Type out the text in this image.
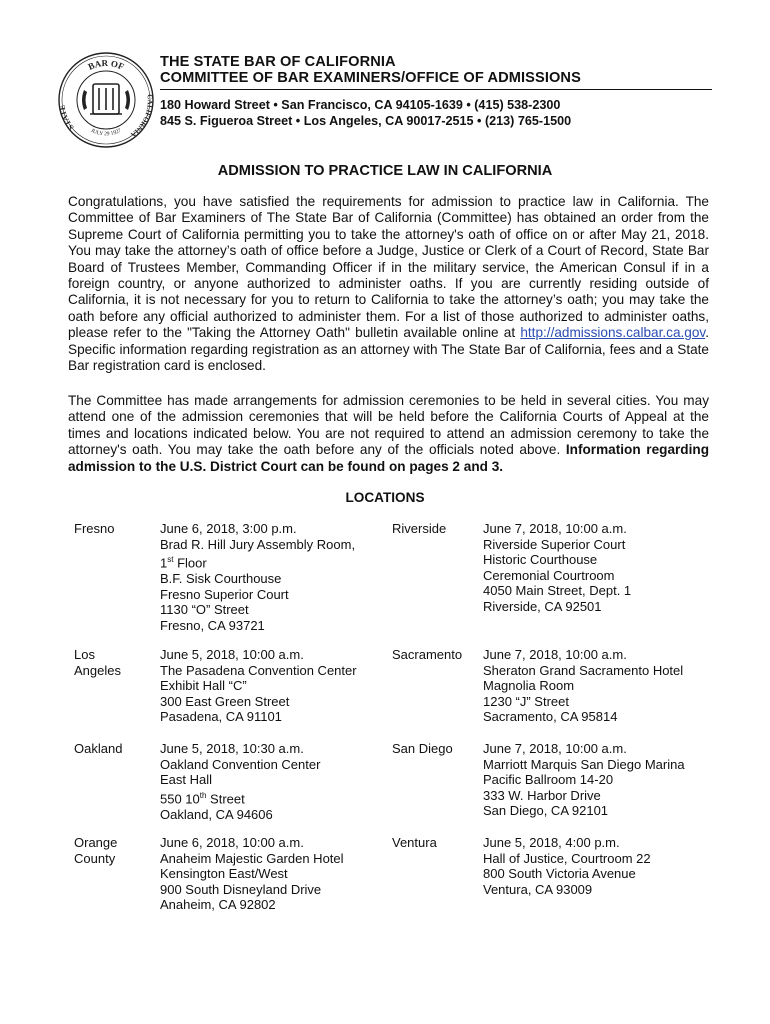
BAR OF
STATE
CALIFORNIA
JULY 29 1927
THE STATE BAR OF CALIFORNIA
COMMITTEE OF BAR EXAMINERS/OFFICE OF ADMISSIONS
180 Howard Street • San Francisco, CA 94105-1639 • (415) 538-2300
845 S. Figueroa Street • Los Angeles, CA 90017-2515 • (213) 765-1500
ADMISSION TO PRACTICE LAW IN CALIFORNIA

Congratulations, you have satisfied the requirements for admission to practice law in California. The Committee of Bar Examiners of The State Bar of California (Committee) has obtained an order from the Supreme Court of California permitting you to take the attorney's oath of office on or after May 21, 2018. You may take the attorney’s oath of office before a Judge, Justice or Clerk of a Court of Record, State Bar Board of Trustees Member, Commanding Officer if in the military service, the American Consul if in a foreign country, or anyone authorized to administer oaths. If you are currently residing outside of California, it is not necessary for you to return to California to take the attorney’s oath; you may take the oath before any official authorized to administer them. For a list of those authorized to administer oaths, please refer to the "Taking the Attorney Oath" bulletin available online at http://admissions.calbar.ca.gov. Specific information regarding registration as an attorney with The State Bar of California, fees and a State Bar registration card is enclosed.

The Committee has made arrangements for admission ceremonies to be held in several cities. You may attend one of the admission ceremonies that will be held before the California Courts of Appeal at the times and locations indicated below. You are not required to attend an admission ceremony to take the attorney's oath. You may take the oath before any of the officials noted above. Information regarding admission to the U.S. District Court can be found on pages 2 and 3.

LOCATIONS
Fresno	June 6, 2018, 3:00 p.m.
Brad R. Hill Jury Assembly Room,
1st Floor
B.F. Sisk Courthouse
Fresno Superior Court
1130 “O” Street
Fresno, CA 93721
Riverside	June 7, 2018, 10:00 a.m.
Riverside Superior Court
Historic Courthouse
Ceremonial Courtroom
4050 Main Street, Dept. 1
Riverside, CA 92501
Los
Angeles
June 5, 2018, 10:00 a.m.
The Pasadena Convention Center
Exhibit Hall “C”
300 East Green Street
Pasadena, CA 91101
Sacramento	June 7, 2018, 10:00 a.m.
Sheraton Grand Sacramento Hotel
Magnolia Room
1230 “J” Street
Sacramento, CA 95814
Oakland	June 5, 2018, 10:30 a.m.
Oakland Convention Center
East Hall
550 10th Street
Oakland, CA 94606
San Diego	June 7, 2018, 10:00 a.m.
Marriott Marquis San Diego Marina
Pacific Ballroom 14-20
333 W. Harbor Drive
San Diego, CA 92101
Orange
County
June 6, 2018, 10:00 a.m.
Anaheim Majestic Garden Hotel
Kensington East/West
900 South Disneyland Drive
Anaheim, CA 92802
Ventura	June 5, 2018, 4:00 p.m.
Hall of Justice, Courtroom 22
800 South Victoria Avenue
Ventura, CA 93009
